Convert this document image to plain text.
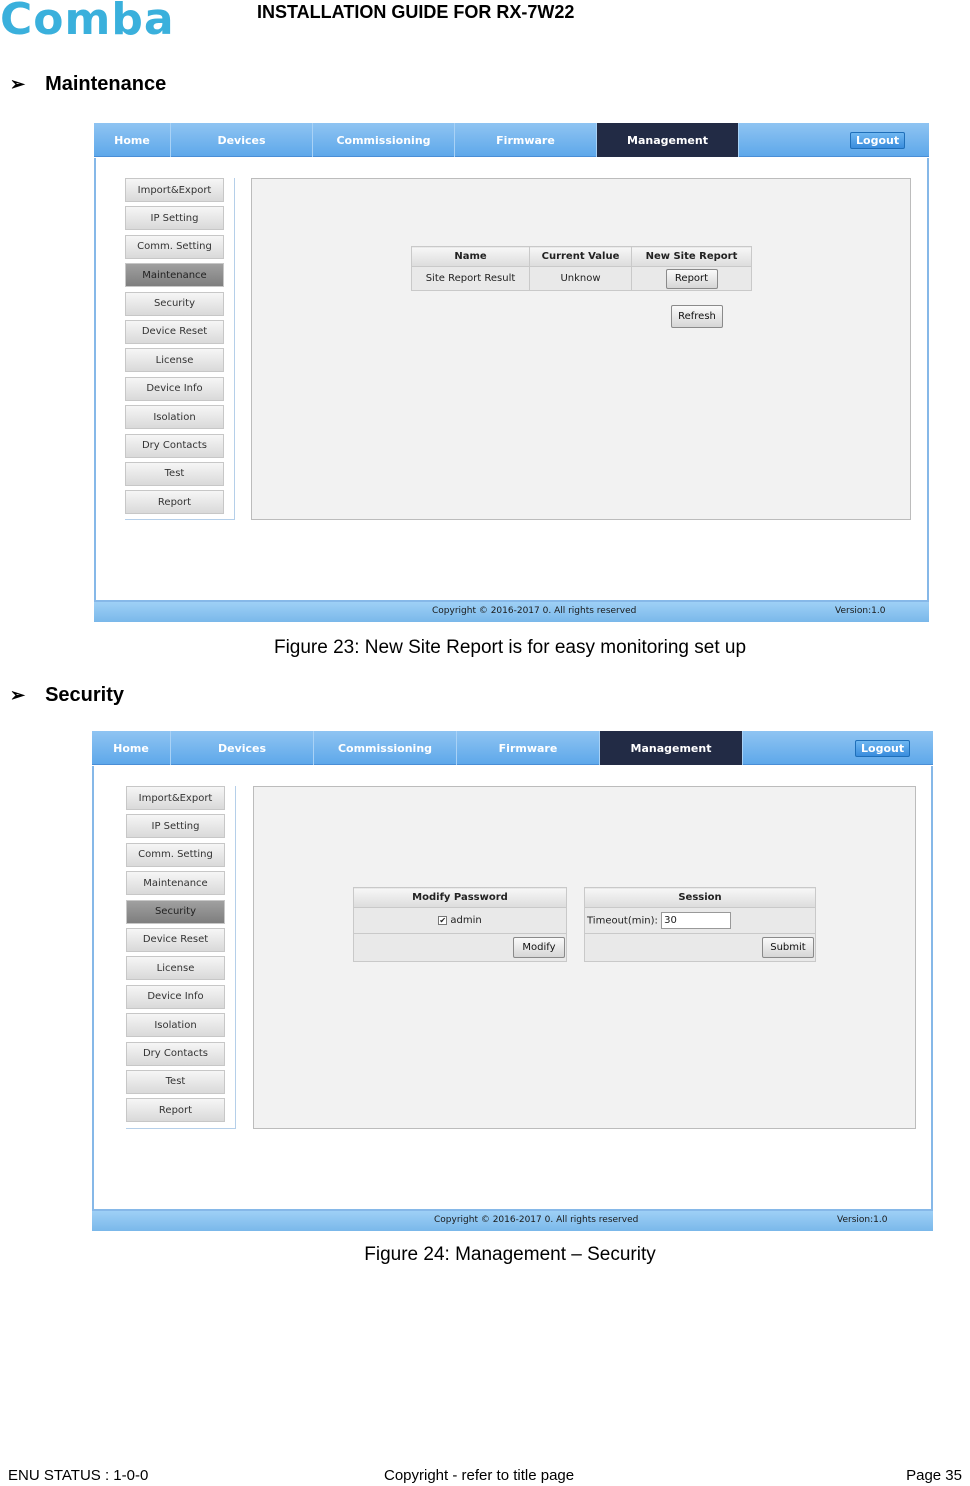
Comba	INSTALLATION GUIDE FOR RX-7W22
➢ Maintenance
Home	Devices	Commissioning	Firmware	Management	Logout
Import&Export
IP Setting
Comm. Setting
Maintenance
Security
Device Reset
License
Device Info
Isolation
Dry Contacts
Test
Report
Name	Current Value	New Site Report
Site Report Result	Unknow	Report
Refresh
Copyright © 2016-2017 0. All rights reserved	Version:1.0
Figure 23: New Site Report is for easy monitoring set up
➢ Security
Home	Devices	Commissioning	Firmware	Management	Logout
Import&Export
IP Setting
Comm. Setting
Maintenance
Security
Device Reset
License
Device Info
Isolation
Dry Contacts
Test
Report
Modify Password
✔ admin

Modify
Session
Timeout(min): 30

Submit
Copyright © 2016-2017 0. All rights reserved	Version:1.0
Figure 24: Management – Security
ENU STATUS : 1-0-0	Copyright - refer to title page	Page 35
